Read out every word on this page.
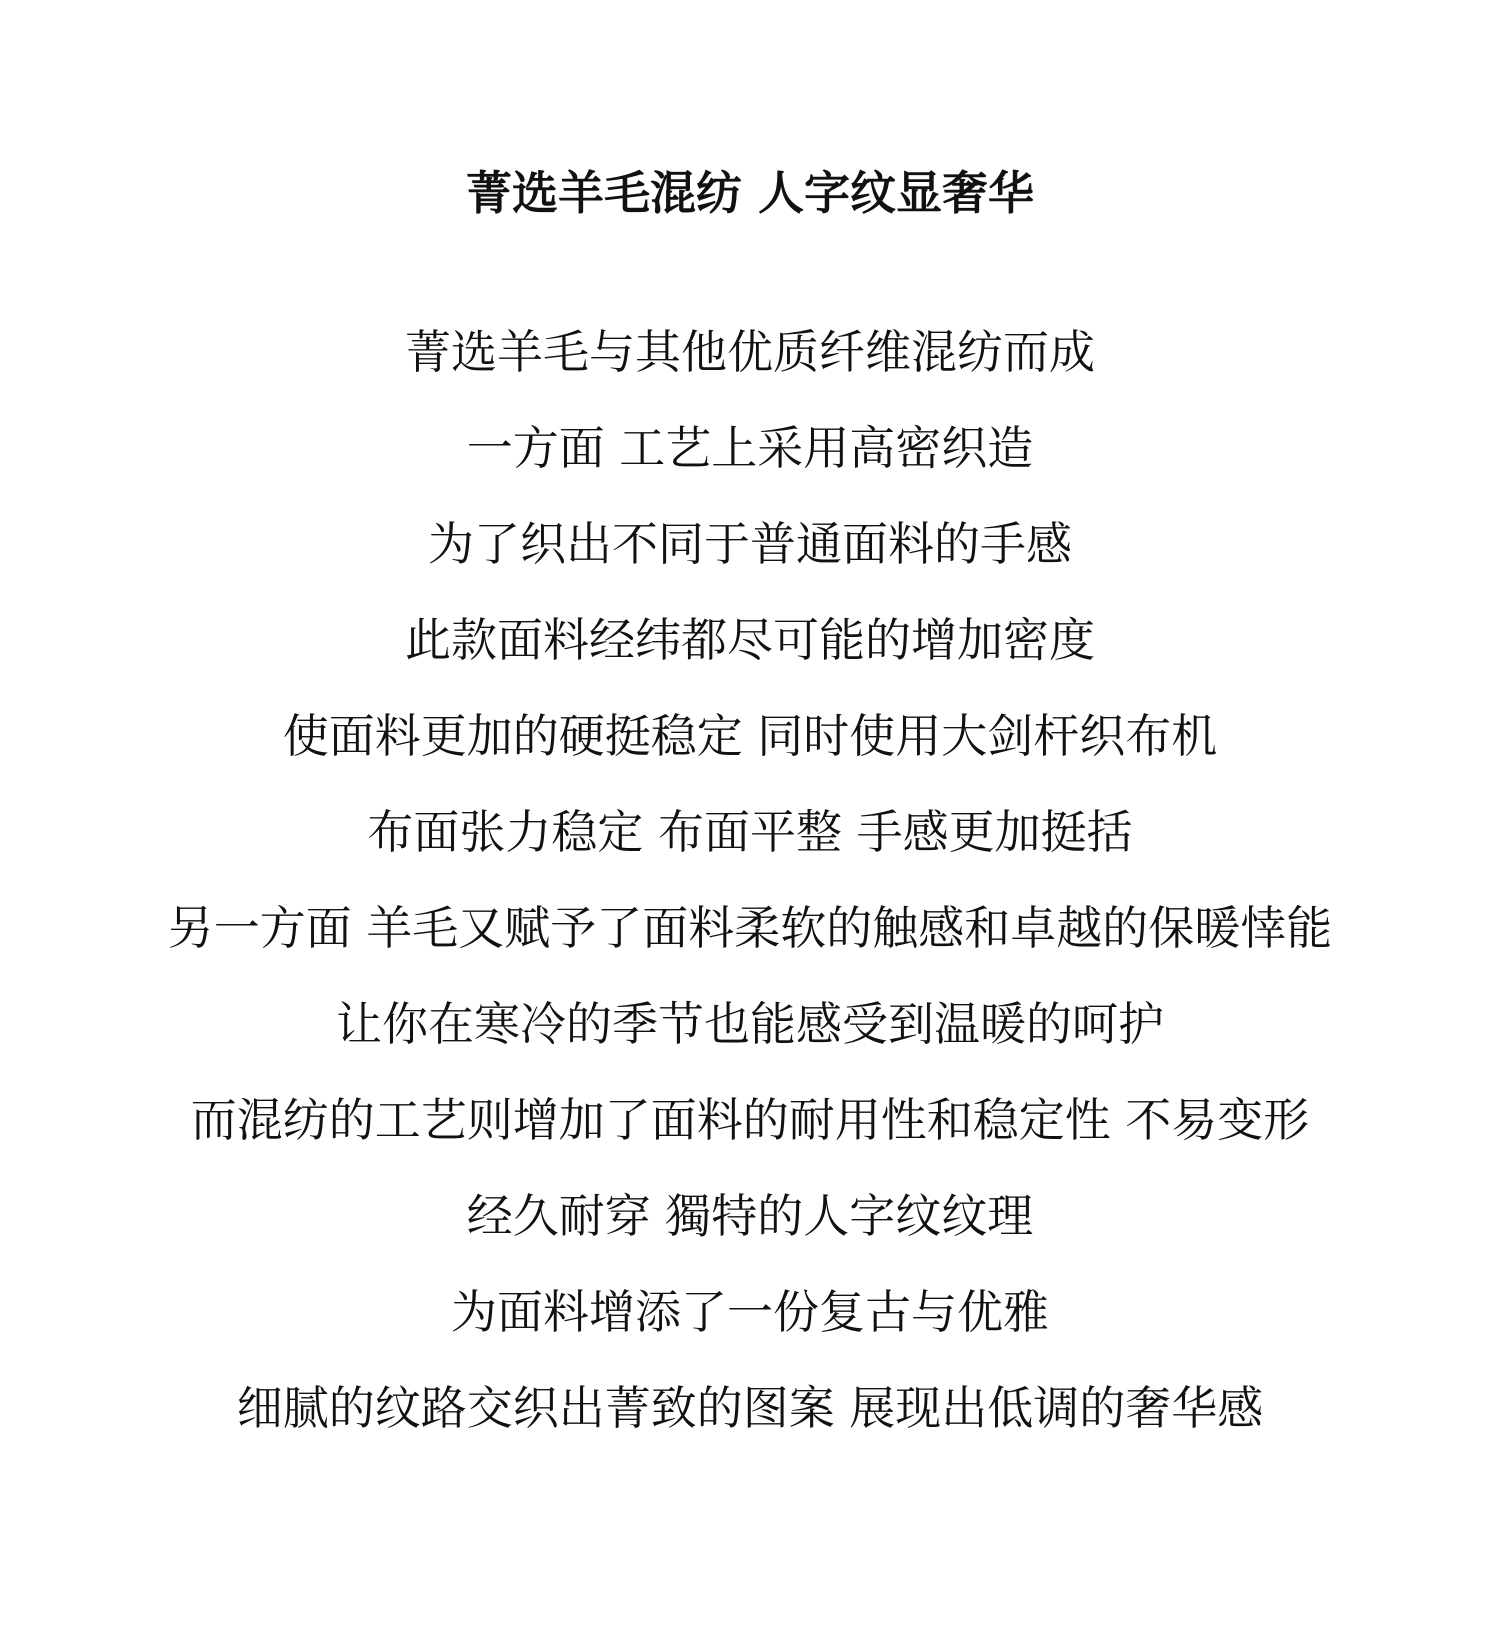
菁选羊毛混纺 人字纹显奢华
菁选羊毛与其他优质纤维混纺而成
一方面 工艺上采用高密织造
为了织出不同于普通面料的手感
此款面料经纬都尽可能的增加密度
使面料更加的硬挺稳定 同时使用大剑杆织布机
布面张力稳定 布面平整 手感更加挺括
另一方面 羊毛又赋予了面料柔软的触感和卓越的保暖悻能
让你在寒冷的季节也能感受到温暖的呵护
而混纺的工艺则增加了面料的耐用性和稳定性 不易变形
经久耐穿 獨特的人字纹纹理
为面料增添了一份复古与优雅
细腻的纹路交织出菁致的图案 展现出低调的奢华感
